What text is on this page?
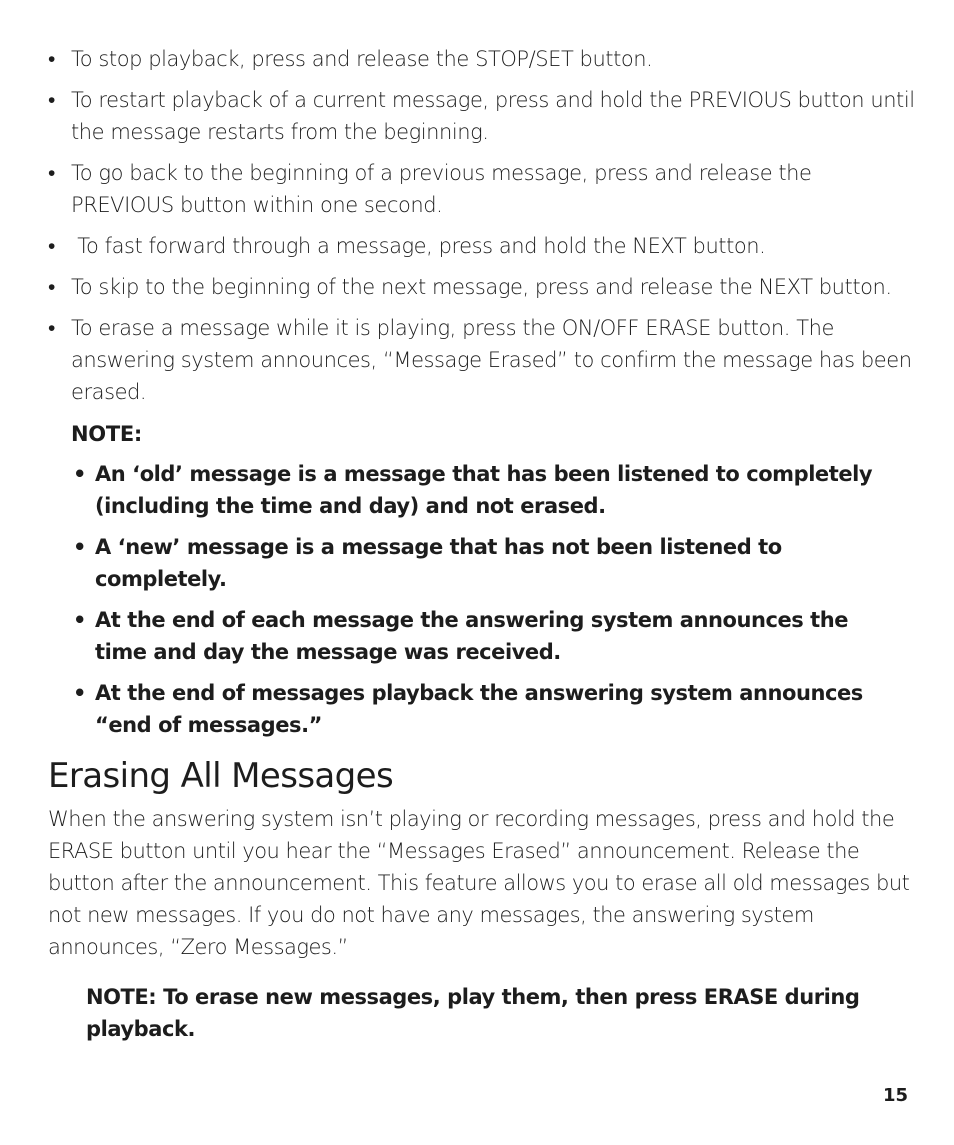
• To stop playback, press and release the STOP/SET button.
• To restart playback of a current message, press and hold the PREVIOUS button until the message restarts from the beginning.
• To go back to the beginning of a previous message, press and release the PREVIOUS button within one second.
• To fast forward through a message, press and hold the NEXT button.
• To skip to the beginning of the next message, press and release the NEXT button.
• To erase a message while it is playing, press the ON/OFF ERASE button. The answering system announces, “Message Erased” to confirm the message has been erased.
NOTE:
• An ‘old’ message is a message that has been listened to completely (including the time and day) and not erased.
• A ‘new’ message is a message that has not been listened to completely.
• At the end of each message the answering system announces the time and day the message was received.
• At the end of messages playback the answering system announces “end of messages.”
Erasing All Messages

When the answering system isn’t playing or recording messages, press and hold the ERASE button until you hear the “Messages Erased” announcement. Release the button after the announcement. This feature allows you to erase all old messages but not new messages. If you do not have any messages, the answering system announces, “Zero Messages.”

NOTE: To erase new messages, play them, then press ERASE during playback.

15
